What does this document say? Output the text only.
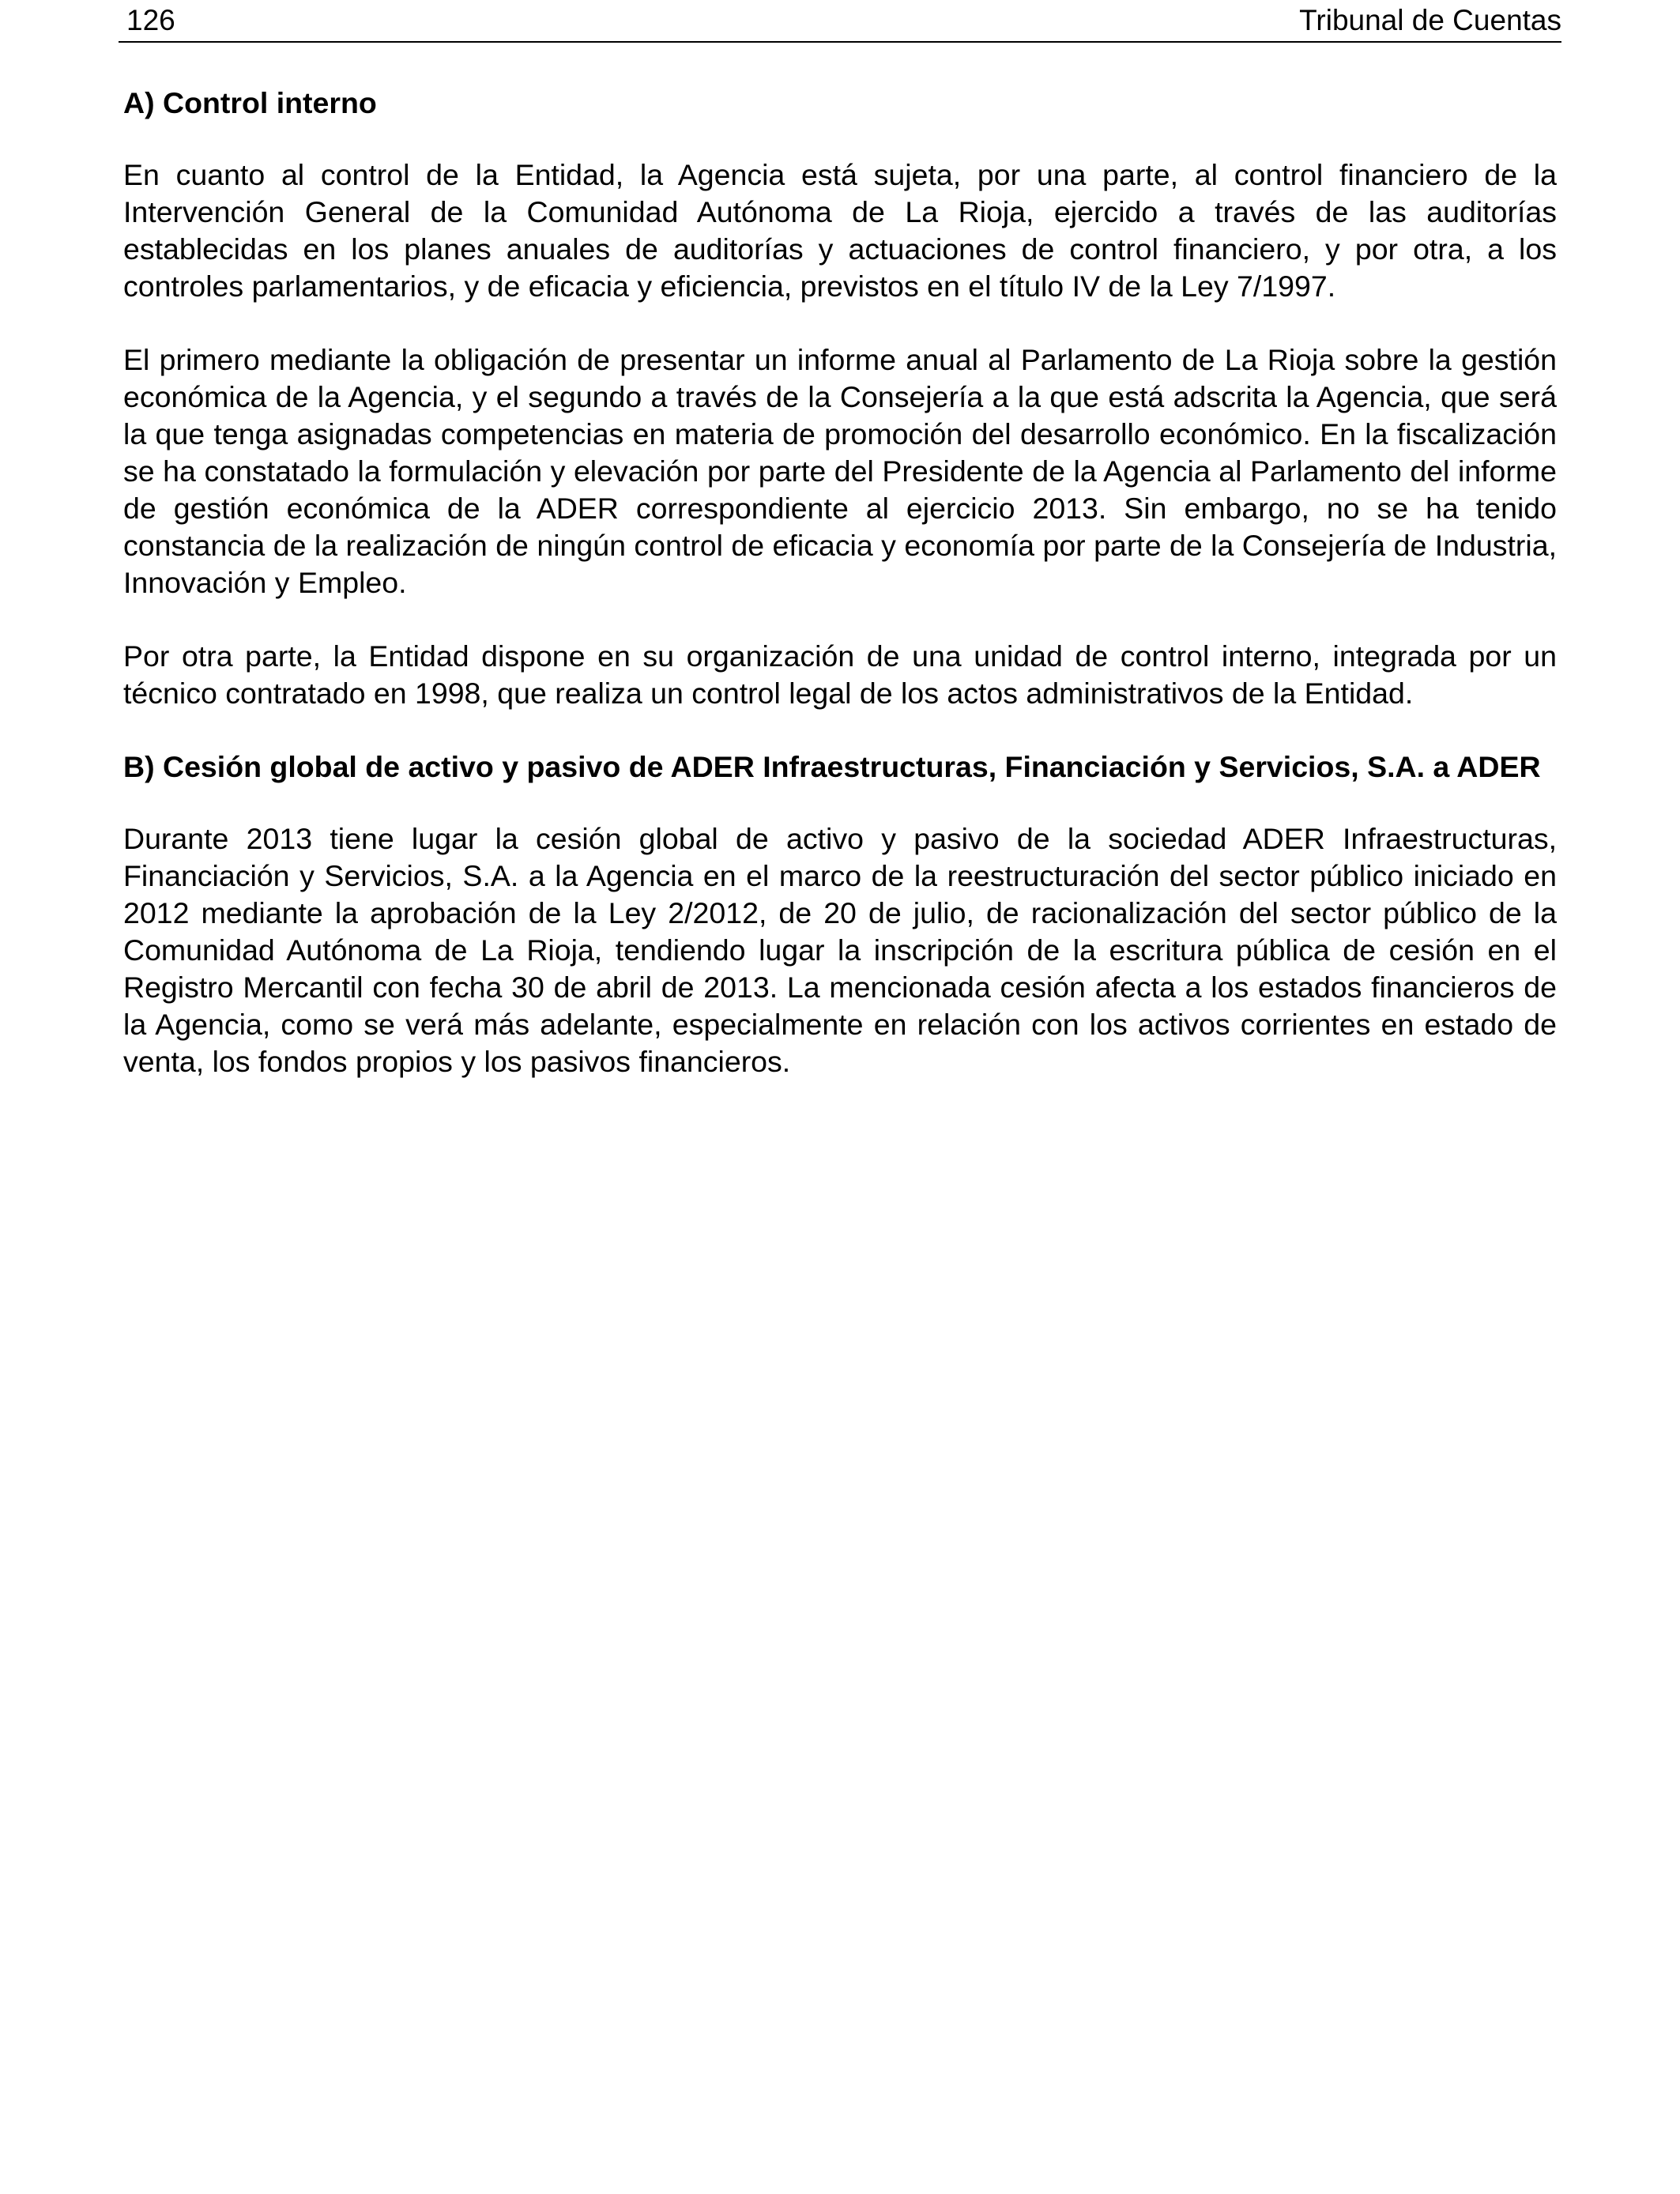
126	Tribunal de Cuentas
A) Control interno

En cuanto al control de la Entidad, la Agencia está sujeta, por una parte, al control financiero de la Intervención General de la Comunidad Autónoma de La Rioja, ejercido a través de las auditorías establecidas en los planes anuales de auditorías y actuaciones de control financiero, y por otra, a los controles parlamentarios, y de eficacia y eficiencia, previstos en el título IV de la Ley 7/1997.

El primero mediante la obligación de presentar un informe anual al Parlamento de La Rioja sobre la gestión económica de la Agencia, y el segundo a través de la Consejería a la que está adscrita la Agencia, que será la que tenga asignadas competencias en materia de promoción del desarrollo económico. En la fiscalización se ha constatado la formulación y elevación por parte del Presidente de la Agencia al Parlamento del informe de gestión económica de la ADER correspondiente al ejercicio 2013. Sin embargo, no se ha tenido constancia de la realización de ningún control de eficacia y economía por parte de la Consejería de Industria, Innovación y Empleo.

Por otra parte, la Entidad dispone en su organización de una unidad de control interno, integrada por un técnico contratado en 1998, que realiza un control legal de los actos administrativos de la Entidad.

B) Cesión global de activo y pasivo de ADER Infraestructuras, Financiación y Servicios, S.A. a ADER

Durante 2013 tiene lugar la cesión global de activo y pasivo de la sociedad ADER Infraestructuras, Financiación y Servicios, S.A. a la Agencia en el marco de la reestructuración del sector público iniciado en 2012 mediante la aprobación de la Ley 2/2012, de 20 de julio, de racionalización del sector público de la Comunidad Autónoma de La Rioja, tendiendo lugar la inscripción de la escritura pública de cesión en el Registro Mercantil con fecha 30 de abril de 2013. La mencionada cesión afecta a los estados financieros de la Agencia, como se verá más adelante, especialmente en relación con los activos corrientes en estado de venta, los fondos propios y los pasivos financieros.
